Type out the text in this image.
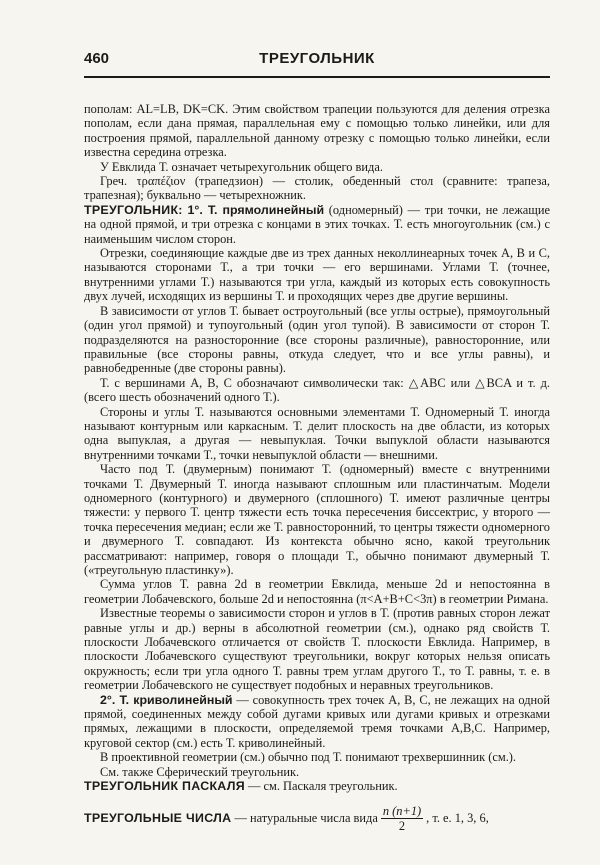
460	ТРЕУГОЛЬНИК

пополам: AL=LB, DK=CK. Этим свойством трапеции пользуются для деления отрезка пополам, если дана прямая, параллельная ему с помощью только линейки, или для построения прямой, параллельной данному отрезку с помощью только линейки, если известна середина отрезка.

У Евклида Т. означает четырехугольник общего вида.

Греч. τραπέζιον (трапедзион) — столик, обеденный стол (сравните: трапеза, трапезная); буквально — четырехножник.

ТРЕУГОЛЬНИК: 1°. Т. прямолинейный (одномерный) — три точки, не лежащие на одной прямой, и три отрезка с концами в этих точках. Т. есть многоугольник (см.) с наименьшим числом сторон.

Отрезки, соединяющие каждые две из трех данных неколлинеарных точек A, B и C, называются сторонами Т., а три точки — его вершинами. Углами Т. (точнее, внутренними углами Т.) называются три угла, каждый из которых есть совокупность двух лучей, исходящих из вершины Т. и проходящих через две другие вершины.

В зависимости от углов Т. бывает остроугольный (все углы острые), прямоугольный (один угол прямой) и тупоугольный (один угол тупой). В зависимости от сторон Т. подразделяются на разносторонние (все стороны различные), равносторонние, или правильные (все стороны равны, откуда следует, что и все углы равны), и равнобедренные (две стороны равны).

Т. с вершинами A, B, C обозначают символически так: △ABC или △BCA и т. д. (всего шесть обозначений одного Т.).

Стороны и углы Т. называются основными элементами Т. Одномерный Т. иногда называют контурным или каркасным. Т. делит плоскость на две области, из которых одна выпуклая, а другая — невыпуклая. Точки выпуклой области называются внутренними точками Т., точки невыпуклой области — внешними.

Часто под Т. (двумерным) понимают Т. (одномерный) вместе с внутренними точками Т. Двумерный Т. иногда называют сплошным или пластинчатым. Модели одномерного (контурного) и двумерного (сплошного) Т. имеют различные центры тяжести: у первого Т. центр тяжести есть точка пересечения биссектрис, у второго — точка пересечения медиан; если же Т. равносторонний, то центры тяжести одномерного и двумерного Т. совпадают. Из контекста обычно ясно, какой треугольник рассматривают: например, говоря о площади Т., обычно понимают двумерный Т. («треугольную пластинку»).

Сумма углов Т. равна 2d в геометрии Евклида, меньше 2d и непостоянна в геометрии Лобачевского, больше 2d и непостоянна (π<A+B+C<3π) в геометрии Римана.

Известные теоремы о зависимости сторон и углов в Т. (против равных сторон лежат равные углы и др.) верны в абсолютной геометрии (см.), однако ряд свойств Т. плоскости Лобачевского отличается от свойств Т. плоскости Евклида. Например, в плоскости Лобачевского существуют треугольники, вокруг которых нельзя описать окружность; если три угла одного Т. равны трем углам другого Т., то Т. равны, т. е. в геометрии Лобачевского не существует подобных и неравных треугольников.

2°. Т. криволинейный — совокупность трех точек A, B, C, не лежащих на одной прямой, соединенных между собой дугами кривых или дугами кривых и отрезками прямых, лежащими в плоскости, определяемой тремя точками A,B,C. Например, круговой сектор (см.) есть Т. криволинейный.

В проективной геометрии (см.) обычно под Т. понимают трехвершинник (см.).

См. также Сферический треугольник.

ТРЕУГОЛЬНИК ПАСКАЛЯ — см. Паскаля треугольник.

ТРЕУГОЛЬНЫЕ ЧИСЛА — натуральные числа вида $\frac{n (n+1)}{2}$ , т. е. 1, 3, 6,
